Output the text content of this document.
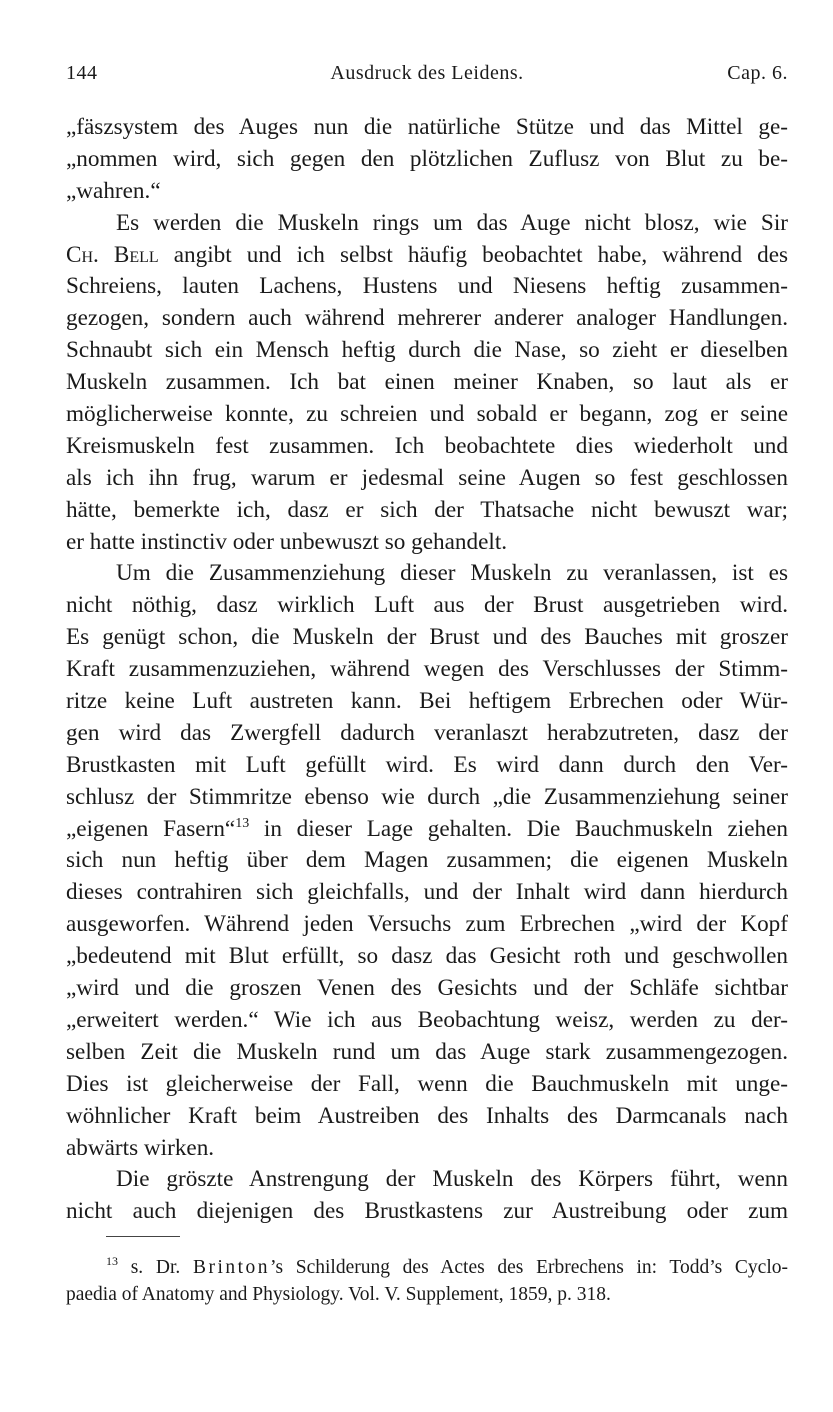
Ausdruck des Leidens.
144	Cap. 6.
„fäszsystem des Auges nun die natürliche Stütze und das Mittel ge-
„nommen wird, sich gegen den plötzlichen Zuflusz von Blut zu be-
„wahren.“
Es werden die Muskeln rings um das Auge nicht blosz, wie Sir
Ch. Bell angibt und ich selbst häufig beobachtet habe, während des
Schreiens, lauten Lachens, Hustens und Niesens heftig zusammen-
gezogen, sondern auch während mehrerer anderer analoger Handlungen.
Schnaubt sich ein Mensch heftig durch die Nase, so zieht er dieselben
Muskeln zusammen. Ich bat einen meiner Knaben, so laut als er
möglicherweise konnte, zu schreien und sobald er begann, zog er seine
Kreismuskeln fest zusammen. Ich beobachtete dies wiederholt und
als ich ihn frug, warum er jedesmal seine Augen so fest geschlossen
hätte, bemerkte ich, dasz er sich der Thatsache nicht bewuszt war;
er hatte instinctiv oder unbewuszt so gehandelt.
Um die Zusammenziehung dieser Muskeln zu veranlassen, ist es
nicht nöthig, dasz wirklich Luft aus der Brust ausgetrieben wird.
Es genügt schon, die Muskeln der Brust und des Bauches mit groszer
Kraft zusammenzuziehen, während wegen des Verschlusses der Stimm-
ritze keine Luft austreten kann. Bei heftigem Erbrechen oder Wür-
gen wird das Zwergfell dadurch veranlaszt herabzutreten, dasz der
Brustkasten mit Luft gefüllt wird. Es wird dann durch den Ver-
schlusz der Stimmritze ebenso wie durch „die Zusammenziehung seiner
„eigenen Fasern“$^{13}$ in dieser Lage gehalten. Die Bauchmuskeln ziehen
sich nun heftig über dem Magen zusammen; die eigenen Muskeln
dieses contrahiren sich gleichfalls, und der Inhalt wird dann hierdurch
ausgeworfen. Während jeden Versuchs zum Erbrechen „wird der Kopf
„bedeutend mit Blut erfüllt, so dasz das Gesicht roth und geschwollen
„wird und die groszen Venen des Gesichts und der Schläfe sichtbar
„erweitert werden.“ Wie ich aus Beobachtung weisz, werden zu der-
selben Zeit die Muskeln rund um das Auge stark zusammengezogen.
Dies ist gleicherweise der Fall, wenn die Bauchmuskeln mit unge-
wöhnlicher Kraft beim Austreiben des Inhalts des Darmcanals nach
abwärts wirken.
Die gröszte Anstrengung der Muskeln des Körpers führt, wenn
nicht auch diejenigen des Brustkastens zur Austreibung oder zum
$^{13}$ s. Dr. Brinton’s Schilderung des Actes des Erbrechens in: Todd’s Cyclo-
paedia of Anatomy and Physiology. Vol. V. Supplement, 1859, p. 318.
